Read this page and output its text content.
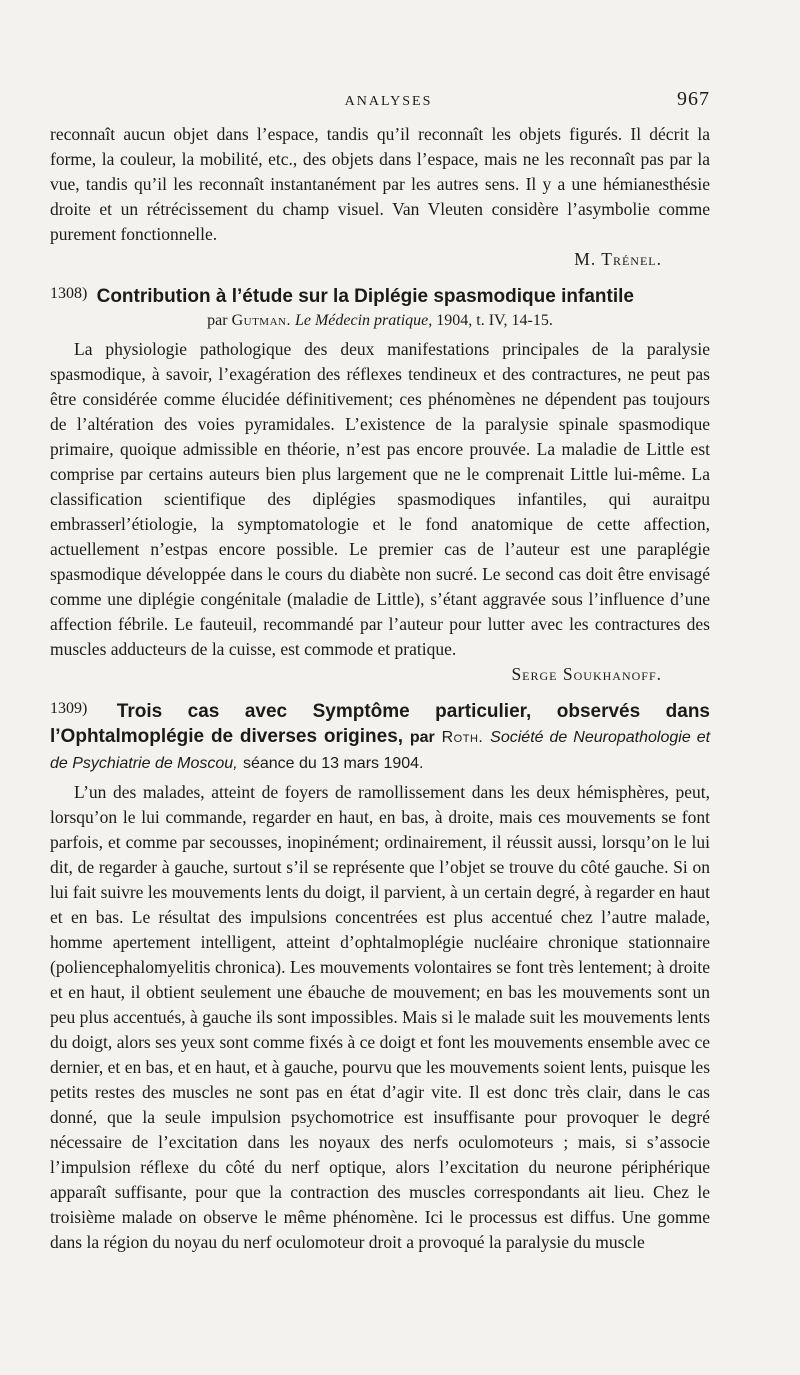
ANALYSES	967

reconnaît aucun objet dans l’espace, tandis qu’il reconnaît les objets figurés. Il décrit la forme, la couleur, la mobilité, etc., des objets dans l’espace, mais ne les reconnaît pas par la vue, tandis qu’il les reconnaît instantanément par les autres sens. Il y a une hémianesthésie droite et un rétrécissement du champ visuel. Van Vleuten considère l’asymbolie comme purement fonctionnelle.

M. Trénel.
$^{1308)}$ Contribution à l’étude sur la Diplégie spasmodique infantile
par Gutman. Le Médecin pratique, 1904, t. IV, 14-15.

La physiologie pathologique des deux manifestations principales de la paralysie spasmodique, à savoir, l’exagération des réflexes tendineux et des contractures, ne peut pas être considérée comme élucidée définitivement; ces phénomènes ne dépendent pas toujours de l’altération des voies pyramidales. L’existence de la paralysie spinale spasmodique primaire, quoique admissible en théorie, n’est pas encore prouvée. La maladie de Little est comprise par certains auteurs bien plus largement que ne le comprenait Little lui-même. La classification scientifique des diplégies spasmodiques infantiles, qui auraitpu embrasserl’étiologie, la symptomatologie et le fond anatomique de cette affection, actuellement n’estpas encore possible. Le premier cas de l’auteur est une paraplégie spasmodique développée dans le cours du diabète non sucré. Le second cas doit être envisagé comme une diplégie congénitale (maladie de Little), s’étant aggravée sous l’influence d’une affection fébrile. Le fauteuil, recommandé par l’auteur pour lutter avec les contractures des muscles adducteurs de la cuisse, est commode et pratique.

Serge Soukhanoff.
$^{1309)}$ Trois cas avec Symptôme particulier, observés dans l’Ophtalmoplégie de diverses origines, par Roth. Société de Neuropathologie et de Psychiatrie de Moscou, séance du 13 mars 1904.

L’un des malades, atteint de foyers de ramollissement dans les deux hémisphères, peut, lorsqu’on le lui commande, regarder en haut, en bas, à droite, mais ces mouvements se font parfois, et comme par secousses, inopinément; ordinairement, il réussit aussi, lorsqu’on le lui dit, de regarder à gauche, surtout s’il se représente que l’objet se trouve du côté gauche. Si on lui fait suivre les mouvements lents du doigt, il parvient, à un certain degré, à regarder en haut et en bas. Le résultat des impulsions concentrées est plus accentué chez l’autre malade, homme apertement intelligent, atteint d’ophtalmoplégie nucléaire chronique stationnaire (poliencephalomyelitis chronica). Les mouvements volontaires se font très lentement; à droite et en haut, il obtient seulement une ébauche de mouvement; en bas les mouvements sont un peu plus accentués, à gauche ils sont impossibles. Mais si le malade suit les mouvements lents du doigt, alors ses yeux sont comme fixés à ce doigt et font les mouvements ensemble avec ce dernier, et en bas, et en haut, et à gauche, pourvu que les mouvements soient lents, puisque les petits restes des muscles ne sont pas en état d’agir vite. Il est donc très clair, dans le cas donné, que la seule impulsion psychomotrice est insuffisante pour provoquer le degré nécessaire de l’excitation dans les noyaux des nerfs oculomoteurs ; mais, si s’associe l’impulsion réflexe du côté du nerf optique, alors l’excitation du neurone périphérique apparaît suffisante, pour que la contraction des muscles correspondants ait lieu. Chez le troisième malade on observe le même phénomène. Ici le processus est diffus. Une gomme dans la région du noyau du nerf oculomoteur droit a provoqué la paralysie du muscle
